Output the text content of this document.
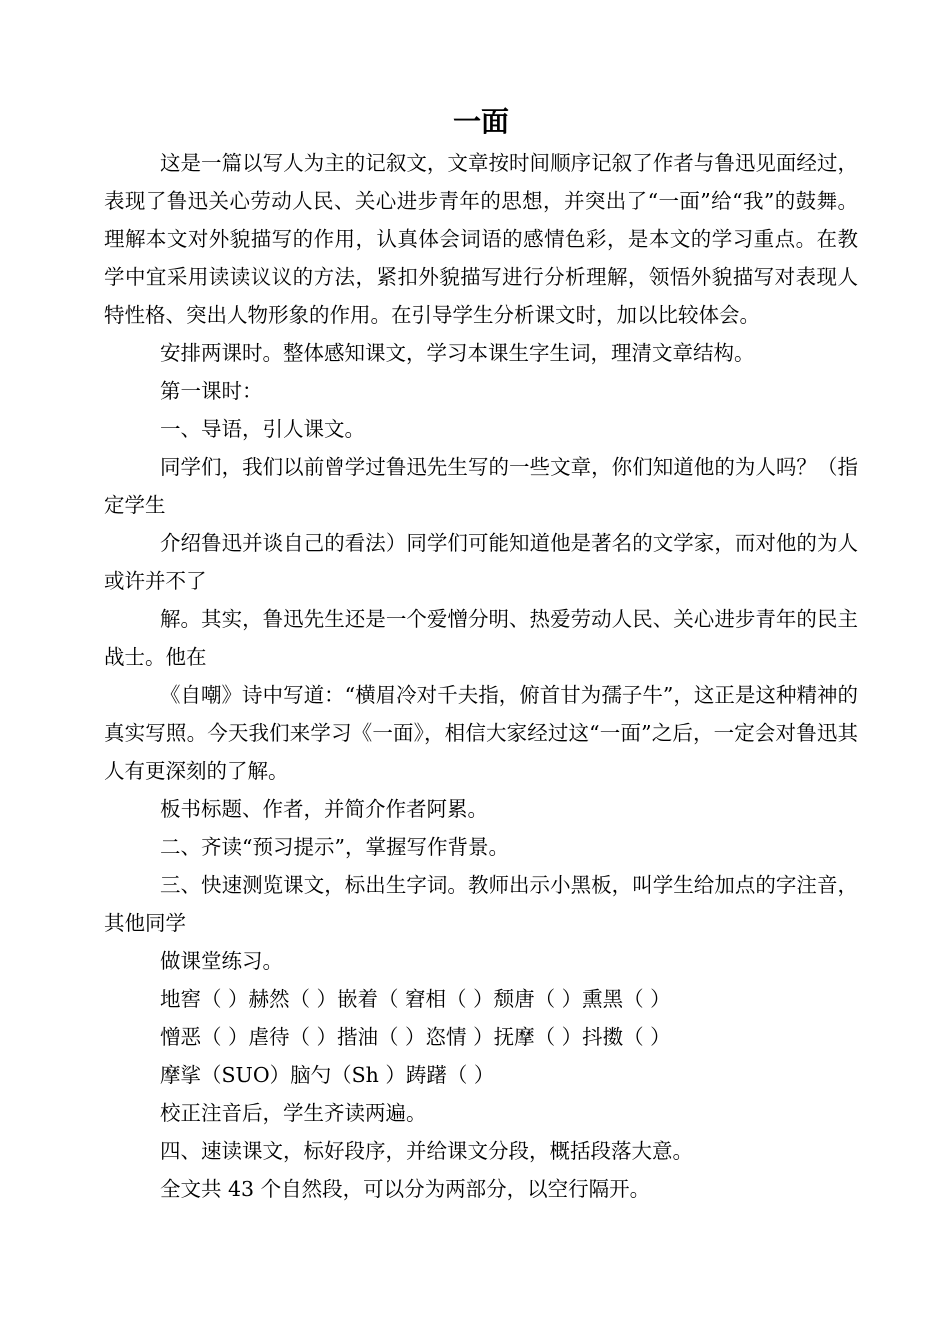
一面

这是一篇以写人为主的记叙文，文章按时间顺序记叙了作者与鲁迅见面经过，表现了鲁迅关心劳动人民、关心进步青年的思想，并突出了“一面”给“我”的鼓舞。理解本文对外貌描写的作用，认真体会词语的感情色彩，是本文的学习重点。在教学中宜采用读读议议的方法，紧扣外貌描写进行分析理解，领悟外貌描写对表现人特性格、突出人物形象的作用。在引导学生分析课文时，加以比较体会。

安排两课时。整体感知课文，学习本课生字生词，理清文章结构。

第一课时：

一、导语，引人课文。

同学们，我们以前曾学过鲁迅先生写的一些文章，你们知道他的为人吗？（指定学生

介绍鲁迅并谈自己的看法）同学们可能知道他是著名的文学家，而对他的为人或许并不了

解。其实，鲁迅先生还是一个爱憎分明、热爱劳动人民、关心进步青年的民主战士。他在

《自嘲》诗中写道：“横眉冷对千夫指，俯首甘为孺子牛”，这正是这种精神的真实写照。今天我们来学习《一面》，相信大家经过这“一面”之后，一定会对鲁迅其人有更深刻的了解。

板书标题、作者，并简介作者阿累。

二、齐读“预习提示”，掌握写作背景。

三、快速测览课文，标出生字词。教师出示小黑板，叫学生给加点的字注音，其他同学

做课堂练习。

地窖（ ）赫然（ ）嵌着（ 窘相（ ）颓唐（ ）熏黑（ ）

憎恶（ ）虐待（ ）揩油（ ）恣情 ）抚摩（ ）抖擞（ ）

摩挲（SUO）脑勺（Sh ）踌躇（ ）

校正注音后，学生齐读两遍。

四、速读课文，标好段序，并给课文分段，概括段落大意。

全文共 43 个自然段，可以分为两部分，以空行隔开。
